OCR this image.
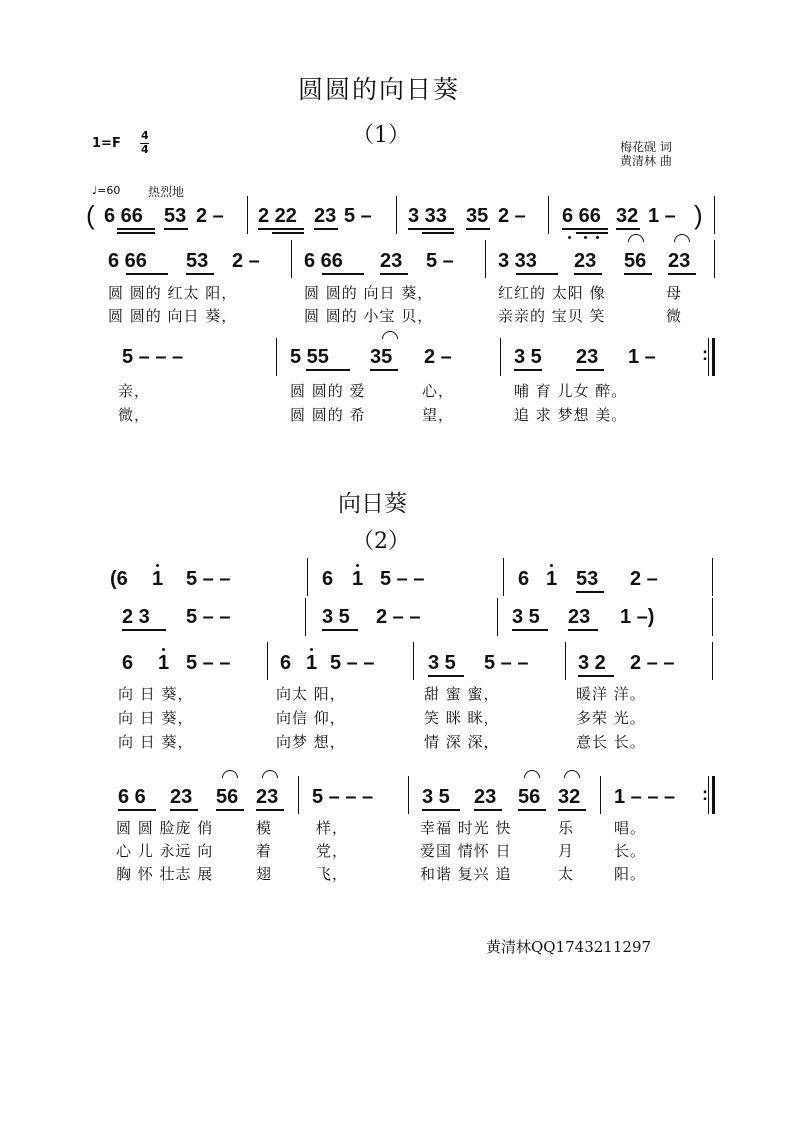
圆圆的向日葵
（1）
1=F
4
4	梅花砚 词
黄清林 曲
♩=60 热烈地
( 6 66 53 2 – 2 22 23 5 – 3 33 35 2 – 6 66 32 1 – )
6 66 53 2 – 6 66 23 5 – 3 33 23 56 23
圆 圆的 红太 阳，	圆 圆的 向日 葵，	红红的 太阳 像	母
圆 圆的 向日 葵，	圆 圆的 小宝 贝，	亲亲的 宝贝 笑	微
5 – – –	5 55 35 2 –	3 5 23 1 –	:
亲，	圆 圆的 爱	心，	哺 育 儿女 醉。
微，	圆 圆的 希	望，	追 求 梦想 美。
向日葵
（2）
(6 1 5 – –	6 1 5 – –	6 1 53 2 –
2 3 5 – –	3 5 2 – –	3 5 23 1 –)
6 1 5 – – 6 1 5 – –	3 5 5 – – 3 2 2 – –
向 日 葵，	向太 阳，	甜 蜜 蜜，	暖洋 洋。
向 日 葵，	向信 仰，	笑 眯 眯，	多荣 光。
向 日 葵，	向梦 想，	情 深 深，	意长 长。
6 6 23 56 23 5 – – – 3 5 23 56 32 1 – – – :
圆 圆 脸庞 俏	模	样，	幸福 时光 快	乐	唱。
心 儿 永远 向	着	党，	爱国 情怀 日	月	长。
胸 怀 壮志 展	翅	飞，	和谐 复兴 追	太	阳。
黄清林QQ1743211297
